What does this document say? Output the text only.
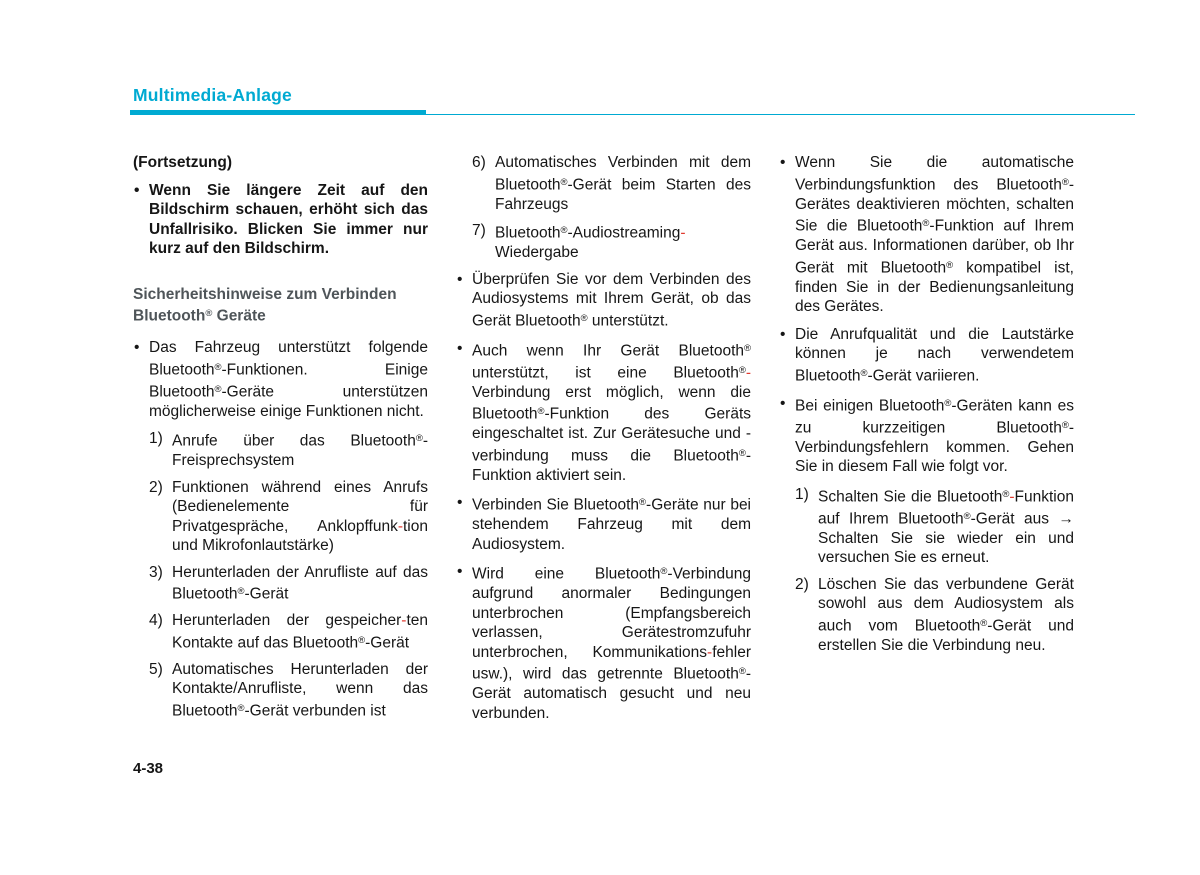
Multimedia-Anlage
(Fortsetzung)
• Wenn Sie längere Zeit auf den Bildschirm schauen, erhöht sich das Unfallrisiko. Blicken Sie immer nur kurz auf den Bildschirm.
Sicherheitshinweise zum Verbinden Bluetooth® Geräte
• Das Fahrzeug unterstützt folgende Bluetooth®-Funktionen. Einige Bluetooth®-Geräte unterstützen möglicherweise einige Funktionen nicht.
1) Anrufe über das Bluetooth®-Freisprechsystem
2) Funktionen während eines Anrufs (Bedienelemente für Privatgespräche, Anklopffunk-tion und Mikrofonlautstärke)
3) Herunterladen der Anrufliste auf das Bluetooth®-Gerät
4) Herunterladen der gespeicher-ten Kontakte auf das Bluetooth®-Gerät
5) Automatisches Herunterladen der Kontakte/Anrufliste, wenn das Bluetooth®-Gerät verbunden ist
6) Automatisches Verbinden mit dem Bluetooth®-Gerät beim Starten des Fahrzeugs
7) Bluetooth®-Audiostreaming-Wiedergabe
• Überprüfen Sie vor dem Verbinden des Audiosystems mit Ihrem Gerät, ob das Gerät Bluetooth® unterstützt.
• Auch wenn Ihr Gerät Bluetooth® unterstützt, ist eine Bluetooth®-Verbindung erst möglich, wenn die Bluetooth®-Funktion des Geräts eingeschaltet ist. Zur Gerätesuche und -verbindung muss die Bluetooth®-Funktion aktiviert sein.
• Verbinden Sie Bluetooth®-Geräte nur bei stehendem Fahrzeug mit dem Audiosystem.
• Wird eine Bluetooth®-Verbindung aufgrund anormaler Bedingungen unterbrochen (Empfangsbereich verlassen, Gerätestromzufuhr unterbrochen, Kommunikations-fehler usw.), wird das getrennte Bluetooth®-Gerät automatisch gesucht und neu verbunden.
• Wenn Sie die automatische Verbindungsfunktion des Bluetooth®-Gerätes deaktivieren möchten, schalten Sie die Bluetooth®-Funktion auf Ihrem Gerät aus. Informationen darüber, ob Ihr Gerät mit Bluetooth® kompatibel ist, finden Sie in der Bedienungsanleitung des Gerätes.
• Die Anrufqualität und die Lautstärke können je nach verwendetem Bluetooth®-Gerät variieren.
• Bei einigen Bluetooth®-Geräten kann es zu kurzzeitigen Bluetooth®-Verbindungsfehlern kommen. Gehen Sie in diesem Fall wie folgt vor.
1) Schalten Sie die Bluetooth®-Funktion auf Ihrem Bluetooth®-Gerät aus → Schalten Sie sie wieder ein und versuchen Sie es erneut.
2) Löschen Sie das verbundene Gerät sowohl aus dem Audiosystem als auch vom Bluetooth®-Gerät und erstellen Sie die Verbindung neu.
4-38
